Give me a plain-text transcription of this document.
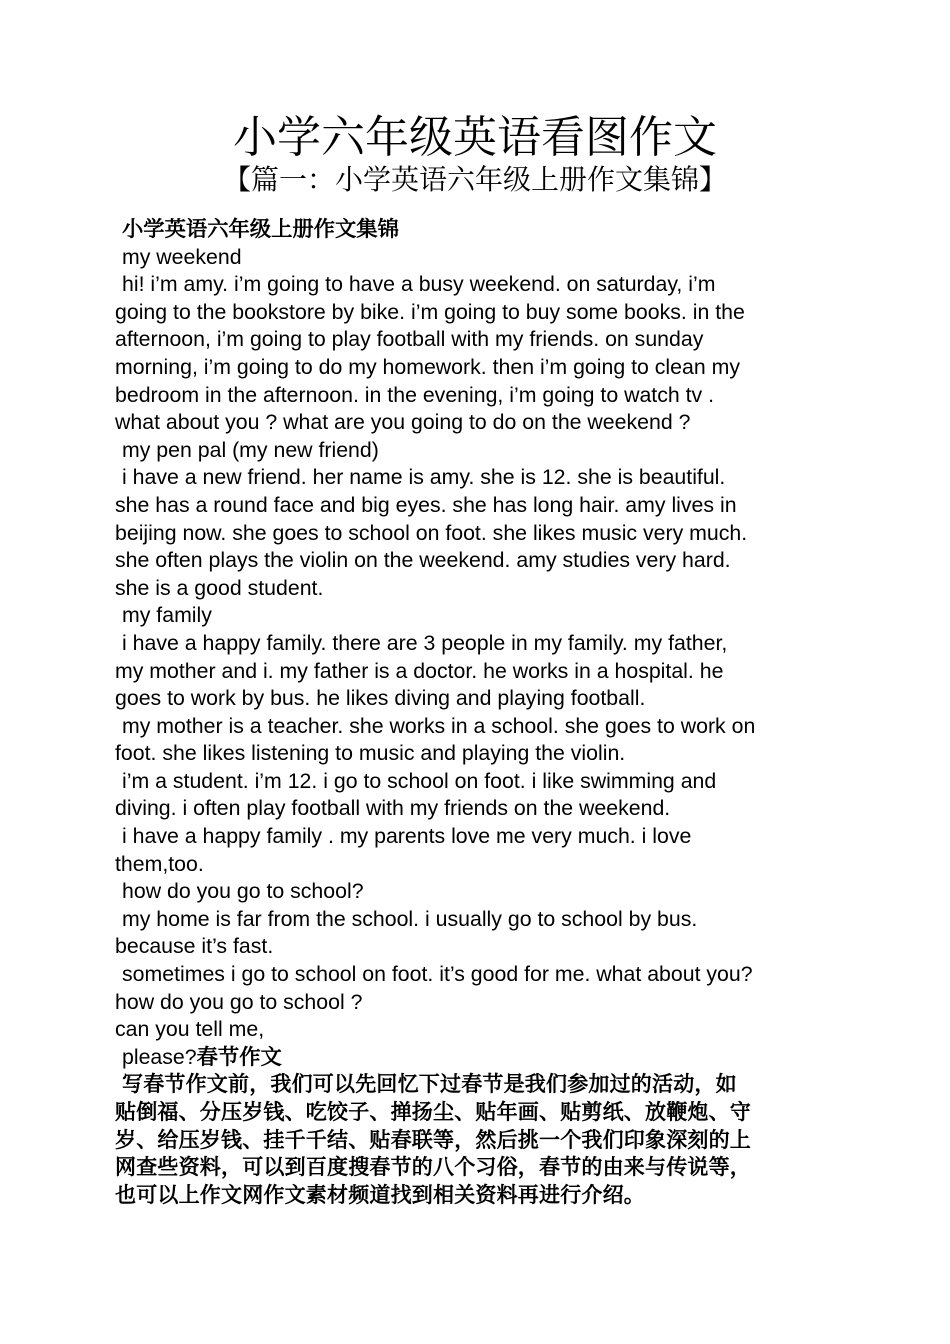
小学六年级英语看图作文
【篇一：小学英语六年级上册作文集锦】
小学英语六年级上册作文集锦
my weekend
hi! i’m amy. i’m going to have a busy weekend. on saturday, i’m
going to the bookstore by bike. i’m going to buy some books. in the
afternoon, i’m going to play football with my friends. on sunday
morning, i’m going to do my homework. then i’m going to clean my
bedroom in the afternoon. in the evening, i’m going to watch tv .
what about you ? what are you going to do on the weekend ?
my pen pal (my new friend)
i have a new friend. her name is amy. she is 12. she is beautiful.
she has a round face and big eyes. she has long hair. amy lives in
beijing now. she goes to school on foot. she likes music very much.
she often plays the violin on the weekend. amy studies very hard.
she is a good student.
my family
i have a happy family. there are 3 people in my family. my father,
my mother and i. my father is a doctor. he works in a hospital. he
goes to work by bus. he likes diving and playing football.
my mother is a teacher. she works in a school. she goes to work on
foot. she likes listening to music and playing the violin.
i’m a student. i’m 12. i go to school on foot. i like swimming and
diving. i often play football with my friends on the weekend.
i have a happy family . my parents love me very much. i love
them,too.
how do you go to school?
my home is far from the school. i usually go to school by bus.
because it’s fast.
sometimes i go to school on foot. it’s good for me. what about you?
how do you go to school ?
can you tell me,
please?春节作文
写春节作文前，我们可以先回忆下过春节是我们参加过的活动，如
贴倒福、分压岁钱、吃饺子、掸扬尘、贴年画、贴剪纸、放鞭炮、守
岁、给压岁钱、挂千千结、贴春联等，然后挑一个我们印象深刻的上
网查些资料，可以到百度搜春节的八个习俗，春节的由来与传说等，
也可以上作文网作文素材频道找到相关资料再进行介绍。
